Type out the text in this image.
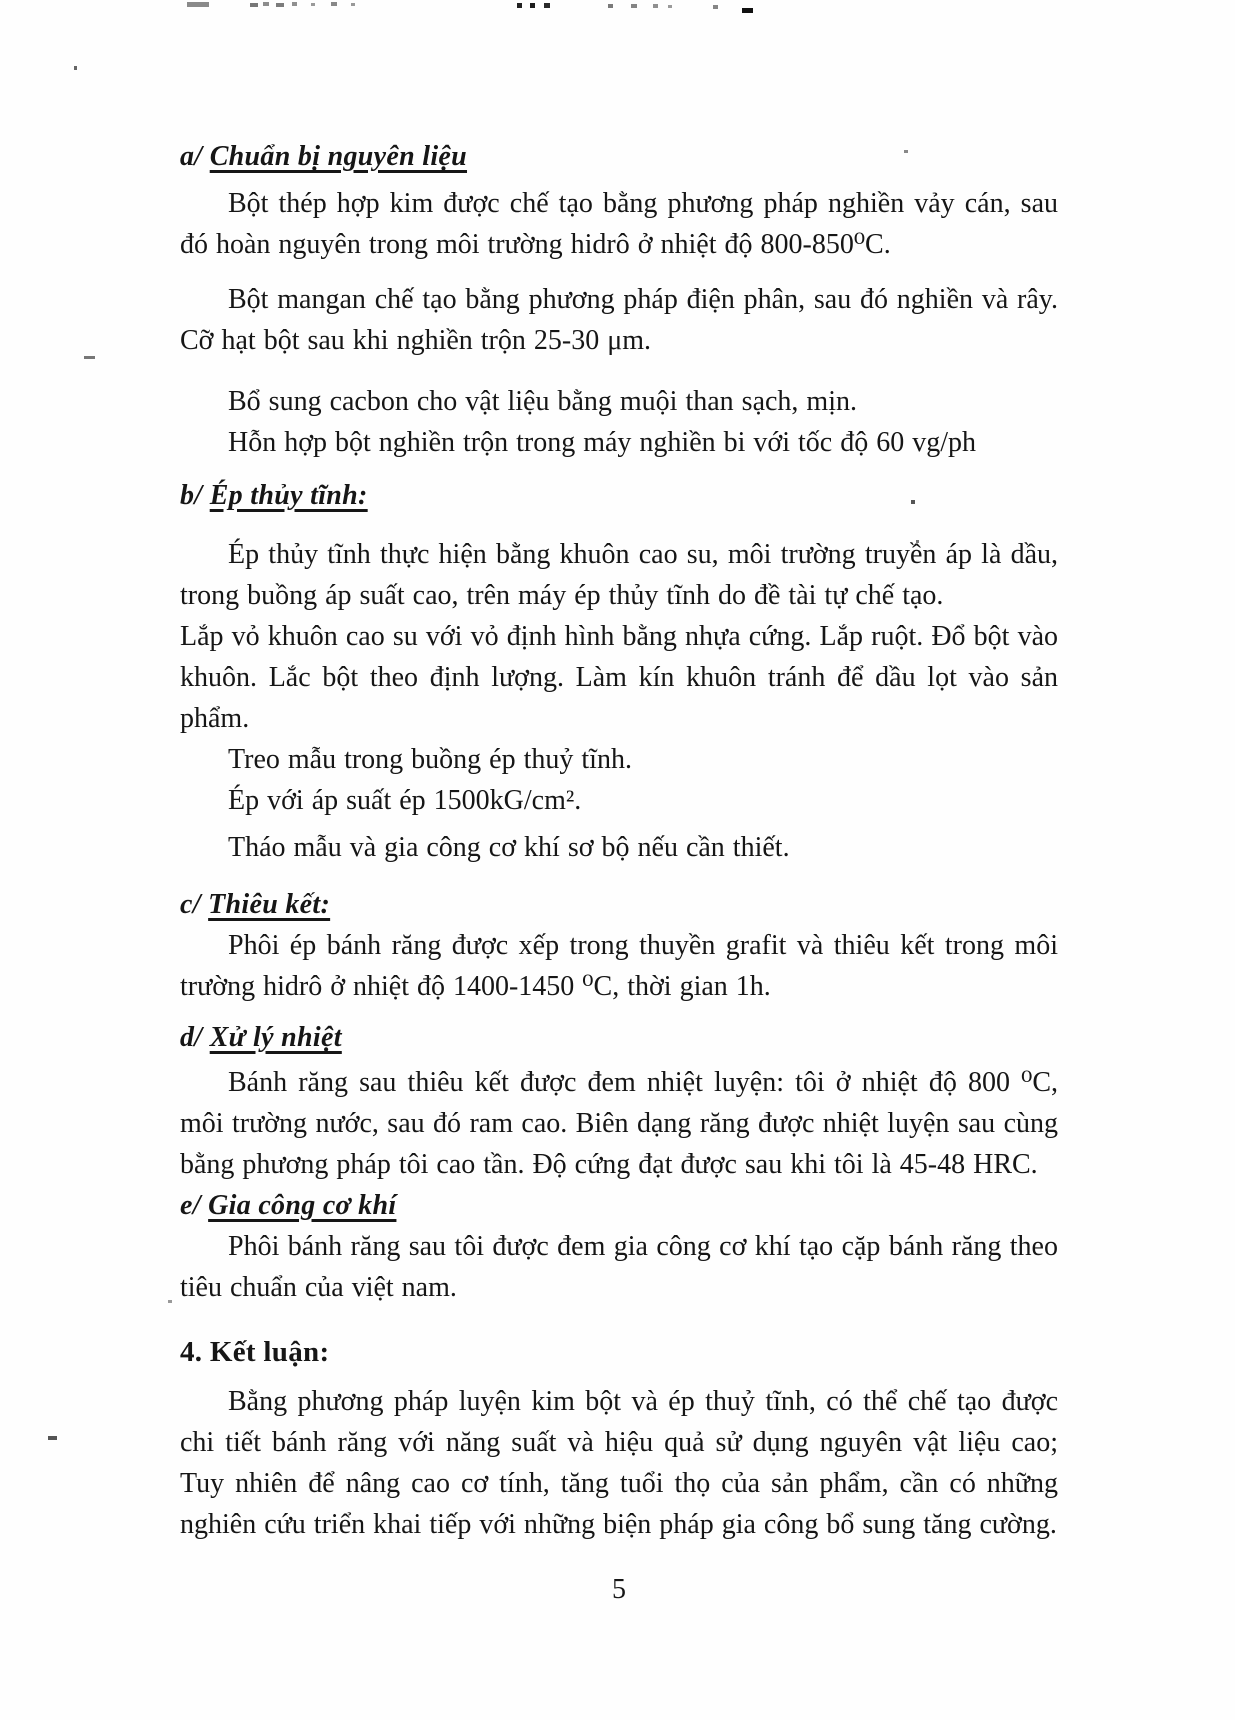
a/ Chuẩn bị nguyên liệu

Bột thép hợp kim được chế tạo bằng phương pháp nghiền vảy cán, sau đó hoàn nguyên trong môi trường hidrô ở nhiệt độ 800-850⁰C.

Bột mangan chế tạo bằng phương pháp điện phân, sau đó nghiền và rây. Cỡ hạt bột sau khi nghiền trộn 25-30 μm.

Bổ sung cacbon cho vật liệu bằng muội than sạch, mịn.

Hỗn hợp bột nghiền trộn trong máy nghiền bi với tốc độ 60 vg/ph

b/ Ép thủy tĩnh:

Ép thủy tĩnh thực hiện bằng khuôn cao su, môi trường truyền áp là dầu, trong buồng áp suất cao, trên máy ép thủy tĩnh do đề tài tự chế tạo.

Lắp vỏ khuôn cao su với vỏ định hình bằng nhựa cứng. Lắp ruột. Đổ bột vào khuôn. Lắc bột theo định lượng. Làm kín khuôn tránh để dầu lọt vào sản phẩm.

Treo mẫu trong buồng ép thuỷ tĩnh.

Ép với áp suất ép 1500kG/cm².

Tháo mẫu và gia công cơ khí sơ bộ nếu cần thiết.

c/ Thiêu kết:

Phôi ép bánh răng được xếp trong thuyền grafit và thiêu kết trong môi trường hidrô ở nhiệt độ 1400-1450 ⁰C, thời gian 1h.

d/ Xử lý nhiệt

Bánh răng sau thiêu kết được đem nhiệt luyện: tôi ở nhiệt độ 800 ⁰C, môi trường nước, sau đó ram cao. Biên dạng răng được nhiệt luyện sau cùng bằng phương pháp tôi cao tần. Độ cứng đạt được sau khi tôi là 45-48 HRC.

e/ Gia công cơ khí

Phôi bánh răng sau tôi được đem gia công cơ khí tạo cặp bánh răng theo tiêu chuẩn của việt nam.

4. Kết luận:

Bằng phương pháp luyện kim bột và ép thuỷ tĩnh, có thể chế tạo được chi tiết bánh răng với năng suất và hiệu quả sử dụng nguyên vật liệu cao; Tuy nhiên để nâng cao cơ tính, tăng tuổi thọ của sản phẩm, cần có những nghiên cứu triển khai tiếp với những biện pháp gia công bổ sung tăng cường.

5
